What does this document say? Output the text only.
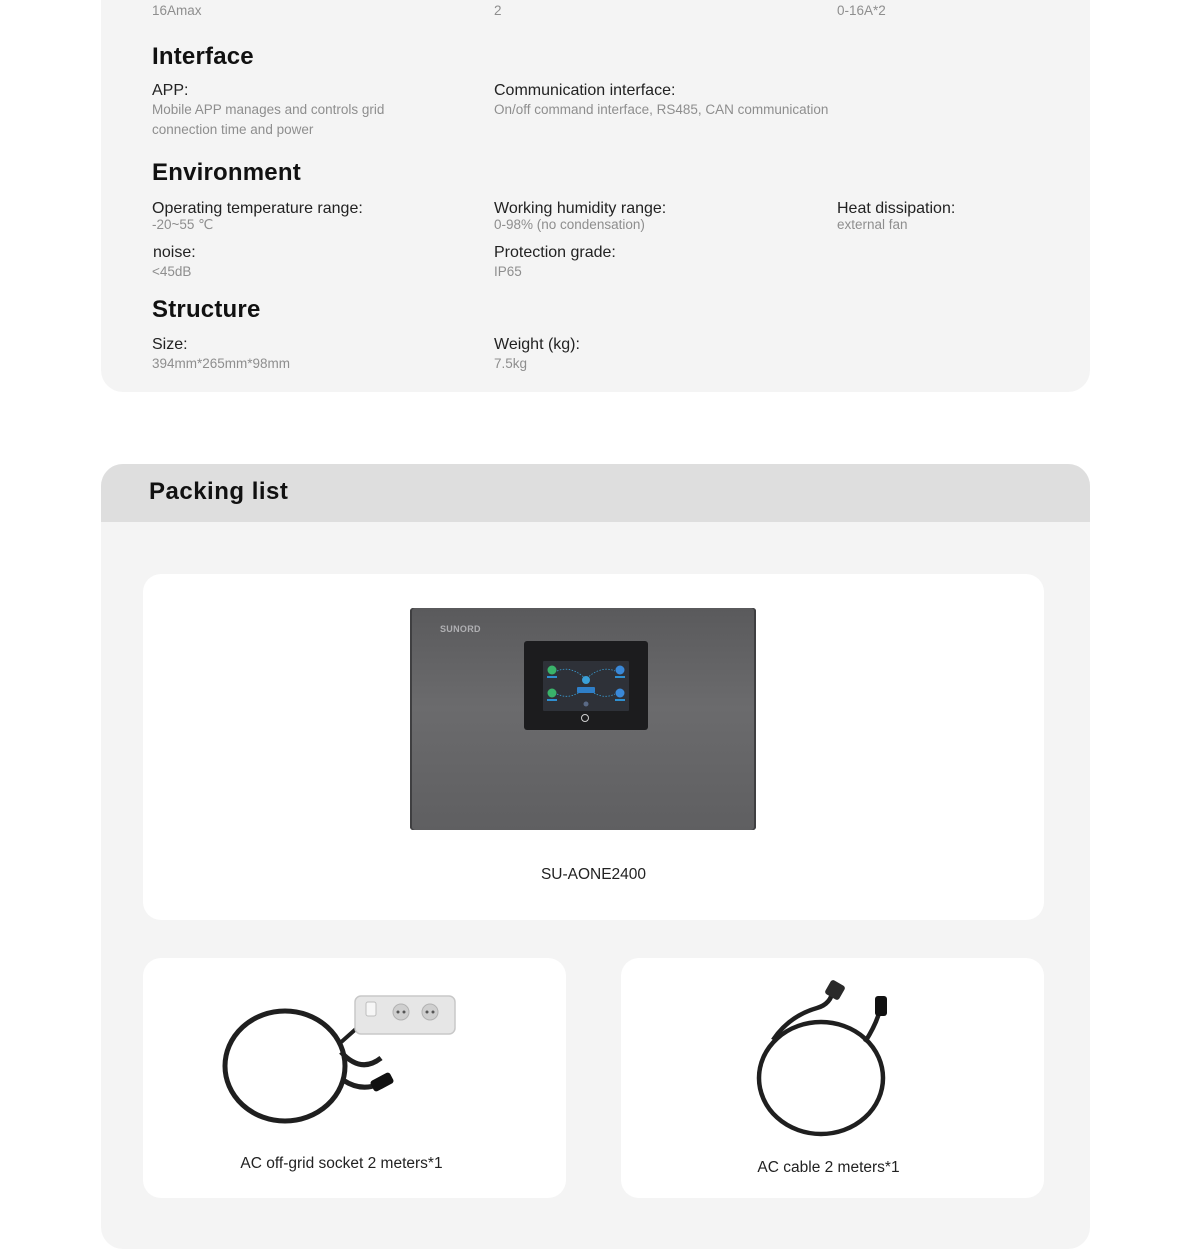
16Amax	2	0-16A*2
Interface
APP:
Mobile APP manages and controls grid connection time and power
Communication interface:
On/off command interface, RS485, CAN communication
Environment
Operating temperature range:
-20~55 ℃
Working humidity range:
0-98% (no condensation)
Heat dissipation:
external fan
noise:
<45dB
Protection grade:
IP65
Structure
Size:
394mm*265mm*98mm
Weight (kg):
7.5kg
Packing list
SUNORD
SU-AONE2400
AC off-grid socket 2 meters*1	AC cable 2 meters*1
